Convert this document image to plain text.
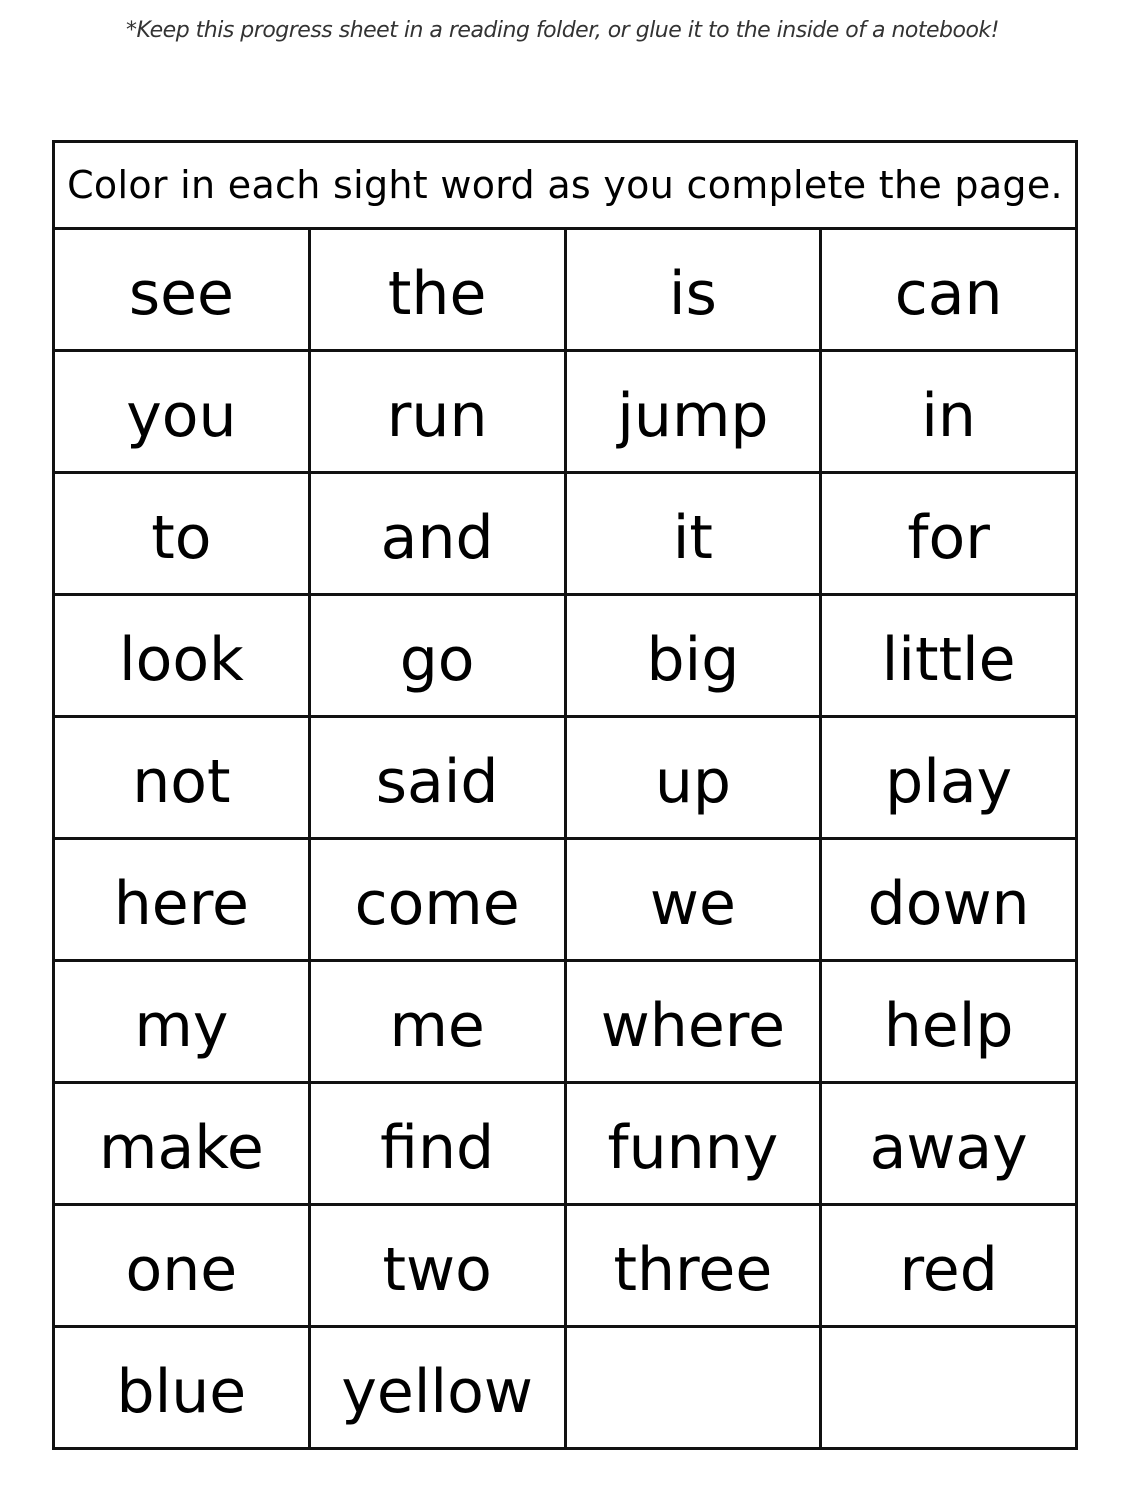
*Keep this progress sheet in a reading folder, or glue it to the inside of a notebook!
Color in each sight word as you complete the page.			
see	the	is	can
you	run	jump	in
to	and	it	for
look	go	big	little
not	said	up	play
here	come	we	down
my	me	where	help
make	find	funny	away
one	two	three	red
blue	yellow		
